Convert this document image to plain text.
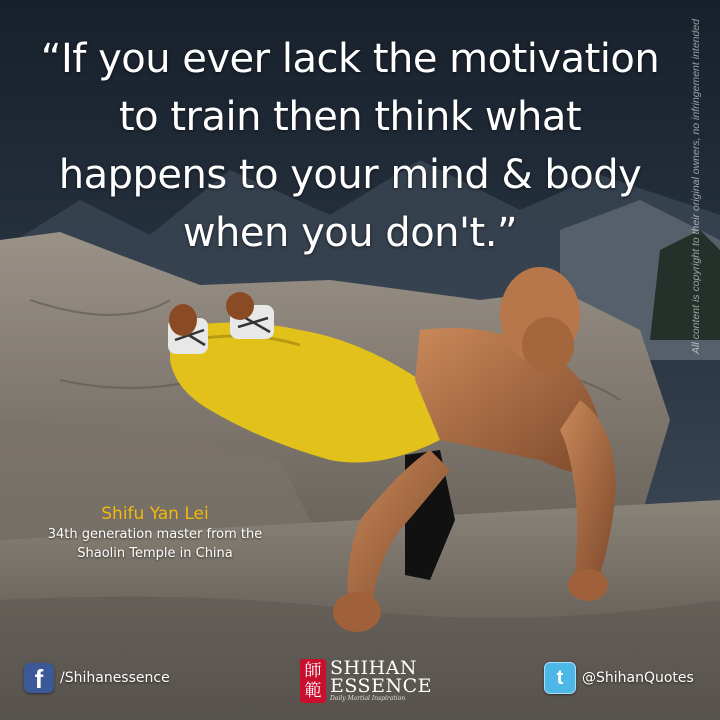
“If you ever lack the motivation
to train then think what
happens to your mind & body
when you don't.”	All content is copyright to their original owners, no infringement intended
Shifu Yan Lei
34th generation master from the
Shaolin Temple in China
f	/Shihanessence	師
範
SHIHAN
ESSENCE
Daily Martial Inspiration
t	@ShihanQuotes
